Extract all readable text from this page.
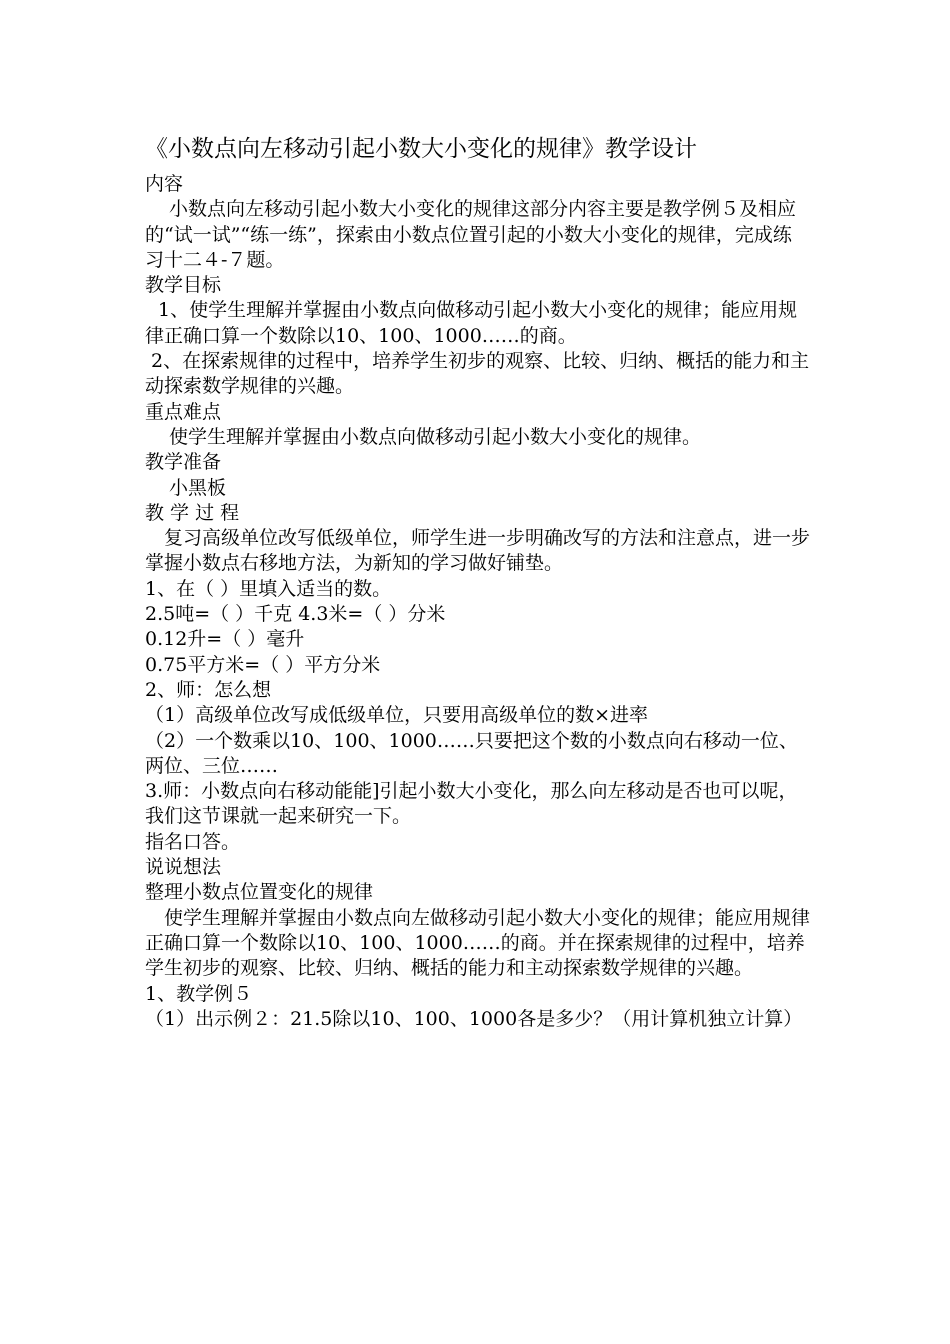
《小数点向左移动引起小数大小变化的规律》教学设计

内容

小数点向左移动引起小数大小变化的规律这部分内容主要是教学例５及相应的“试一试”“练一练”，探索由小数点位置引起的小数大小变化的规律，完成练习十二４-７题。

教学目标

1、使学生理解并掌握由小数点向做移动引起小数大小变化的规律；能应用规律正确口算一个数除以10、100、1000……的商。

2、在探索规律的过程中，培养学生初步的观察、比较、归纳、概括的能力和主动探索数学规律的兴趣。

重点难点

使学生理解并掌握由小数点向做移动引起小数大小变化的规律。

教学准备

小黑板

教 学 过 程

复习高级单位改写低级单位，师学生进一步明确改写的方法和注意点，进一步掌握小数点右移地方法，为新知的学习做好铺垫。

1、在（ ）里填入适当的数。

2.5吨=（ ）千克 4.3米=（ ）分米

0.12升=（ ）毫升

0.75平方米=（ ）平方分米

2、师：怎么想

（1）高级单位改写成低级单位，只要用高级单位的数×进率

（2）一个数乘以10、100、1000……只要把这个数的小数点向右移动一位、两位、三位……

3.师：小数点向右移动能能]引起小数大小变化，那么向左移动是否也可以呢，我们这节课就一起来研究一下。

指名口答。

说说想法

整理小数点位置变化的规律

使学生理解并掌握由小数点向左做移动引起小数大小变化的规律；能应用规律正确口算一个数除以10、100、1000……的商。并在探索规律的过程中，培养学生初步的观察、比较、归纳、概括的能力和主动探索数学规律的兴趣。

1、教学例５

（1）出示例２：21.5除以10、100、1000各是多少？（用计算机独立计算）
